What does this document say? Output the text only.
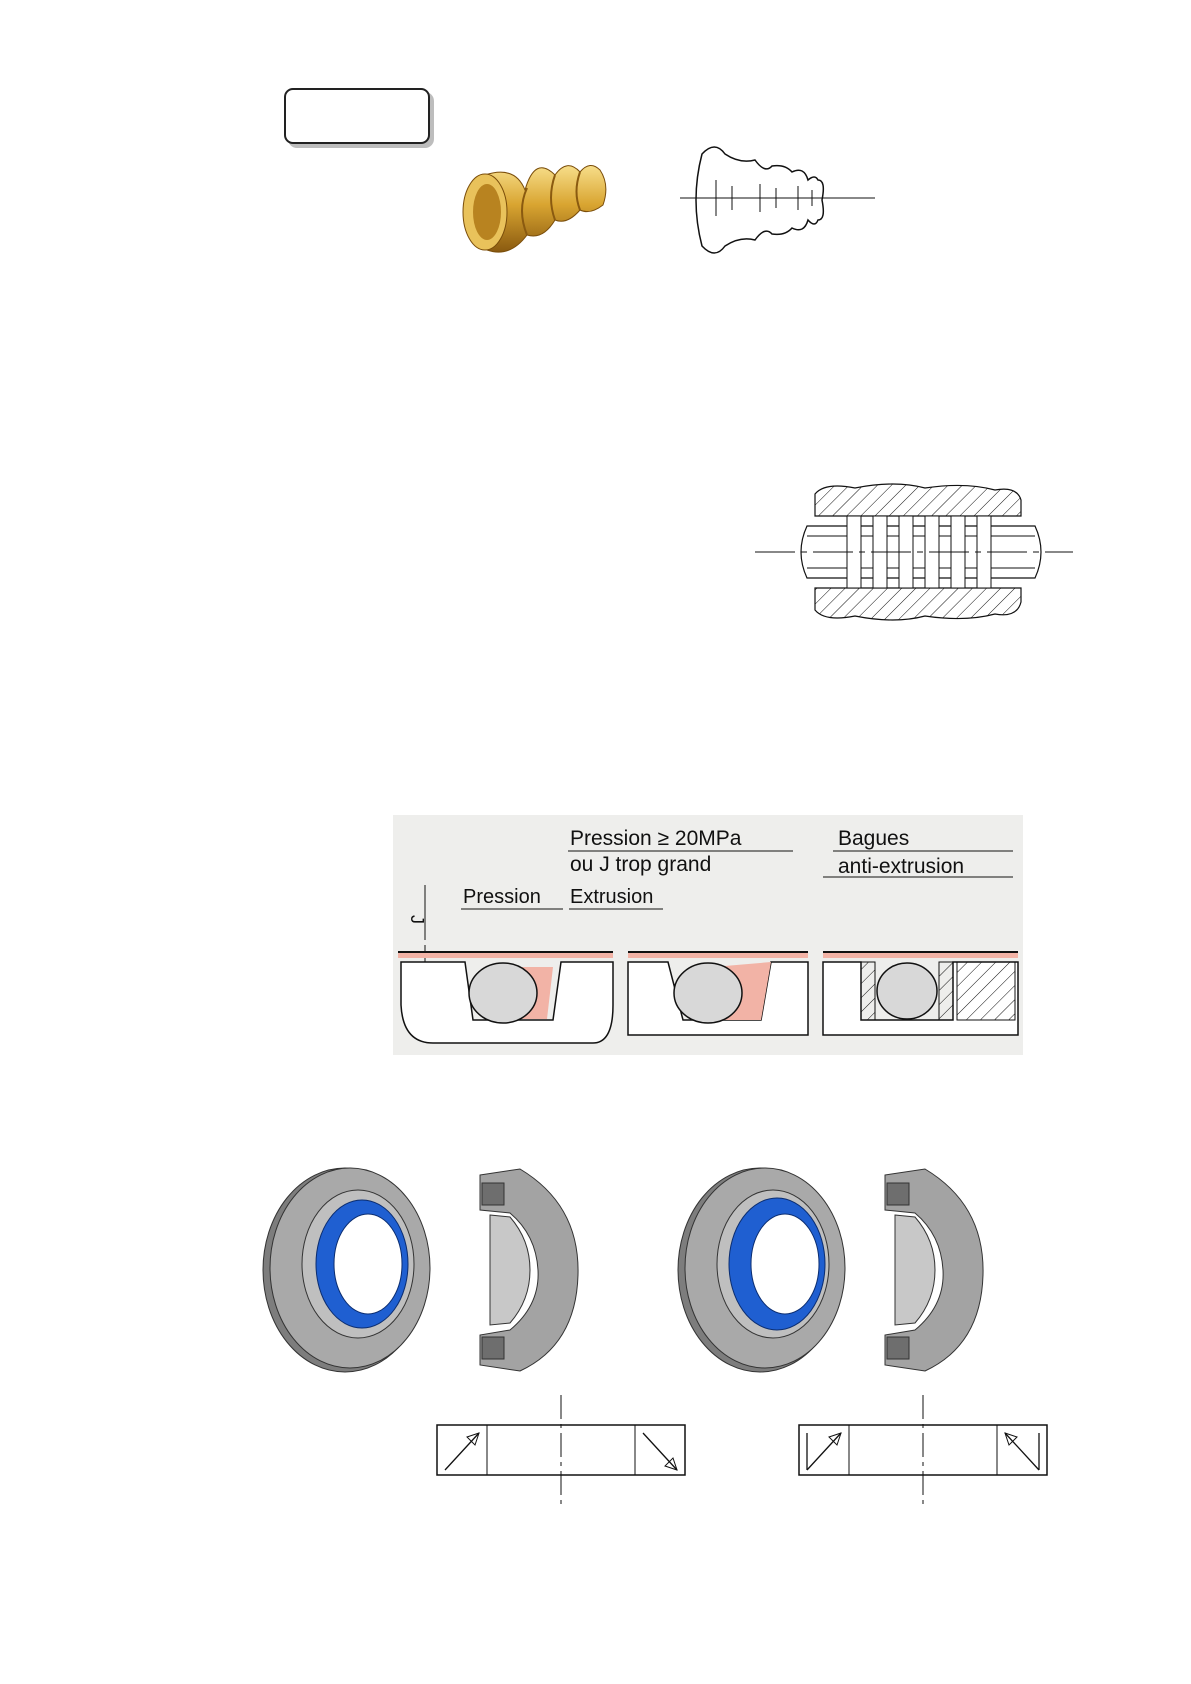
Pression ≥ 20MPa
ou J trop grand
Bagues
anti-extrusion
Pression Extrusion
J
